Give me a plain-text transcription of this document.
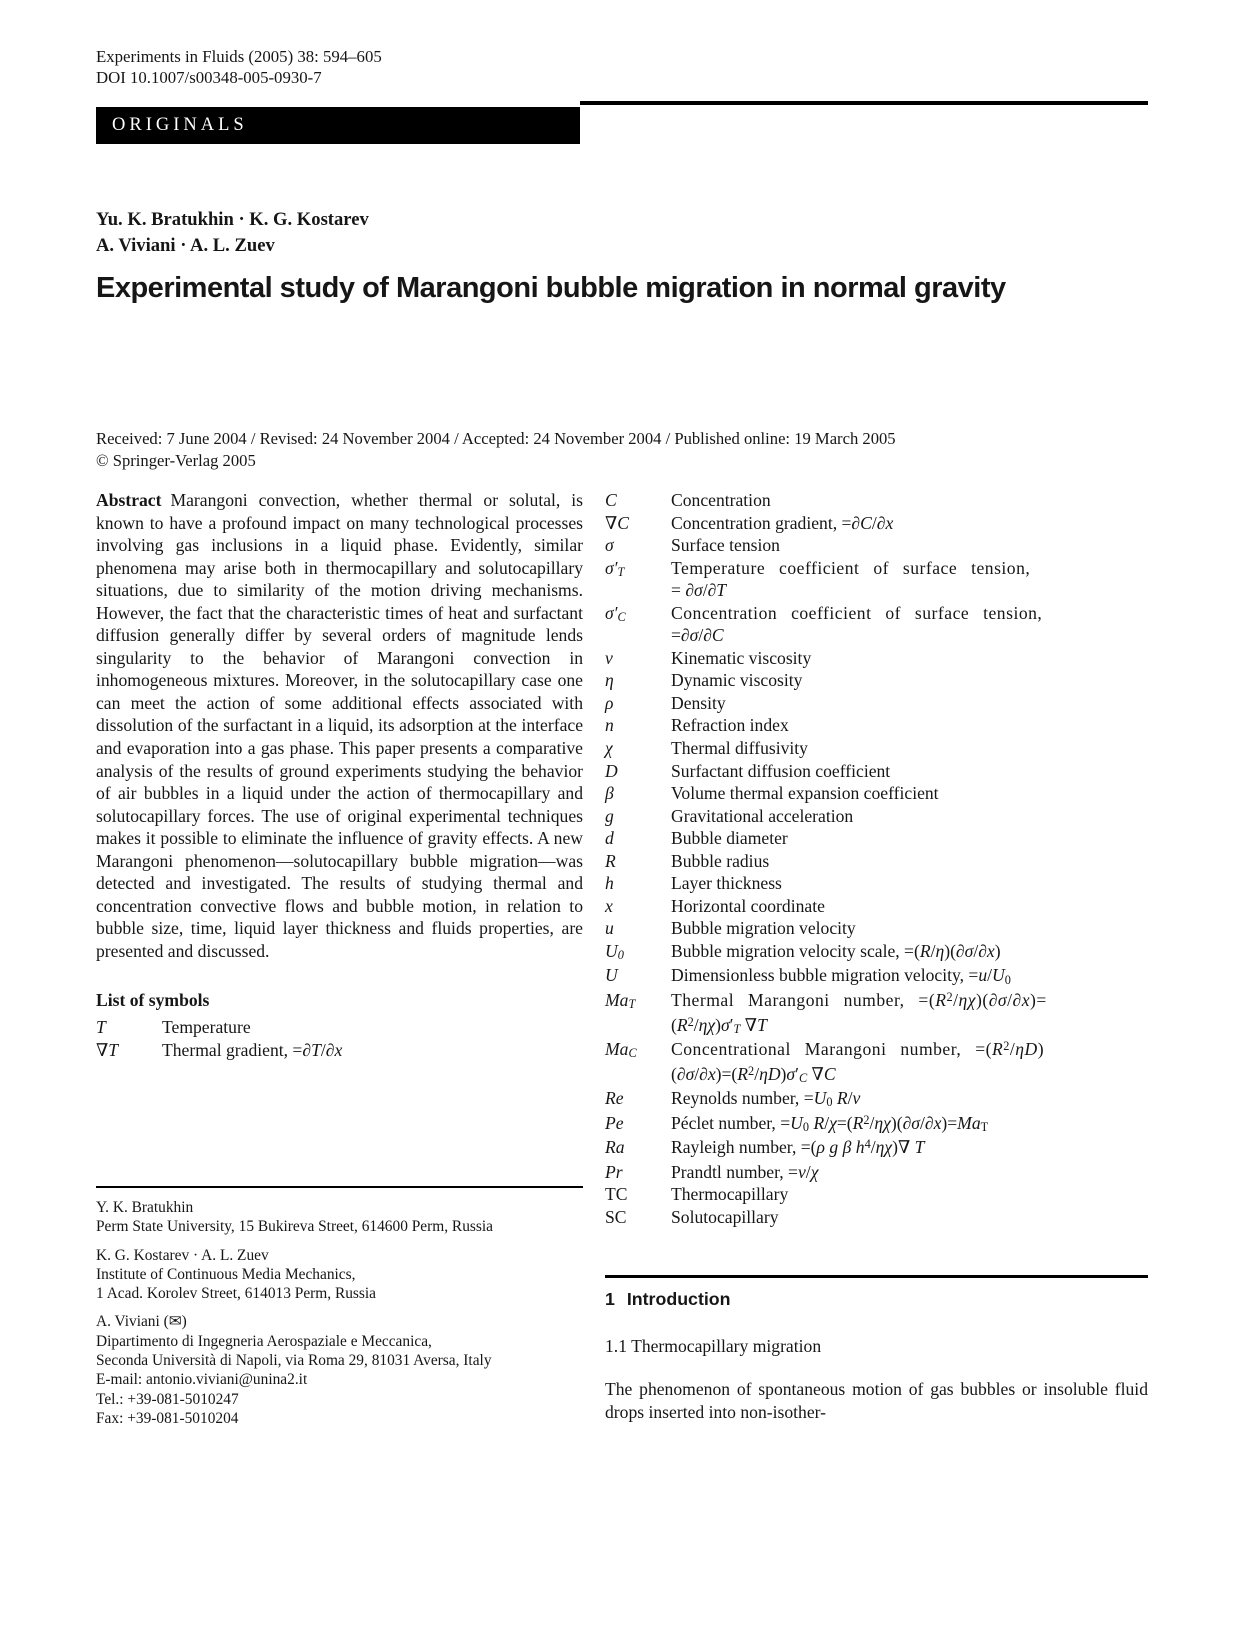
Experiments in Fluids (2005) 38: 594–605
DOI 10.1007/s00348-005-0930-7
ORIGINALS
Yu. K. Bratukhin · K. G. Kostarev
A. Viviani · A. L. Zuev
Experimental study of Marangoni bubble migration in normal gravity
Received: 7 June 2004 / Revised: 24 November 2004 / Accepted: 24 November 2004 / Published online: 19 March 2005
© Springer-Verlag 2005

Abstract Marangoni convection, whether thermal or solutal, is known to have a profound impact on many technological processes involving gas inclusions in a liquid phase. Evidently, similar phenomena may arise both in thermocapillary and solutocapillary situations, due to similarity of the motion driving mechanisms. However, the fact that the characteristic times of heat and surfactant diffusion generally differ by several orders of magnitude lends singularity to the behavior of Marangoni convection in inhomogeneous mixtures. Moreover, in the solutocapillary case one can meet the action of some additional effects associated with dissolution of the surfactant in a liquid, its adsorption at the interface and evaporation into a gas phase. This paper presents a comparative analysis of the results of ground experiments studying the behavior of air bubbles in a liquid under the action of thermocapillary and solutocapillary forces. The use of original experimental techniques makes it possible to eliminate the influence of gravity effects. A new Marangoni phenomenon—solutocapillary bubble migration—was detected and investigated. The results of studying thermal and concentration convective flows and bubble motion, in relation to bubble size, time, liquid layer thickness and fluids properties, are presented and discussed.

List of symbols
T	Temperature
∇T	Thermal gradient, =∂T/∂x
C	Concentration
∇C	Concentration gradient, =∂C/∂x
σ	Surface tension
$\sigma'_T$	Temperature coefficient of surface tension,
= ∂σ/∂T
$\sigma'_C$	Concentration coefficient of surface tension,
=∂σ/∂C
ν	Kinematic viscosity
η	Dynamic viscosity
ρ	Density
n	Refraction index
χ	Thermal diffusivity
D	Surfactant diffusion coefficient
β	Volume thermal expansion coefficient
g	Gravitational acceleration
d	Bubble diameter
R	Bubble radius
h	Layer thickness
x	Horizontal coordinate
u	Bubble migration velocity
$U_0$	Bubble migration velocity scale, =(R/η)(∂σ/∂x)
U	Dimensionless bubble migration velocity, $=u/U_0$
$Ma_T$	Thermal Marangoni number, $=(R^2/\eta\chi)(\partial\sigma/\partial x)=$
$(R^2/\eta\chi)\sigma'_T$ ∇T
$Ma_C$	Concentrational Marangoni number, $=(R^2/\eta D)$
$(\partial\sigma/\partial x)=(R^2/\eta D)\sigma'_C$ ∇C
Re	Reynolds number, $=U_0$ R/ν
Pe	Péclet number, $=U_0$ $R/\chi=(R^2/\eta\chi)(\partial\sigma/\partial x)=Ma_T$
Ra	Rayleigh number, =(ρ g β $h^4/\eta\chi)\nabla$ T
Pr	Prandtl number, =ν/χ
TC	Thermocapillary
SC	Solutocapillary
Y. K. Bratukhin
Perm State University, 15 Bukireva Street, 614600 Perm, Russia
K. G. Kostarev · A. L. Zuev
Institute of Continuous Media Mechanics,
1 Acad. Korolev Street, 614013 Perm, Russia
A. Viviani (✉)
Dipartimento di Ingegneria Aerospaziale e Meccanica,
Seconda Università di Napoli, via Roma 29, 81031 Aversa, Italy
E-mail: antonio.viviani@unina2.it
Tel.: +39-081-5010247
Fax: +39-081-5010204
1 Introduction
1.1 Thermocapillary migration

The phenomenon of spontaneous motion of gas bubbles or insoluble fluid drops inserted into non-isother-
